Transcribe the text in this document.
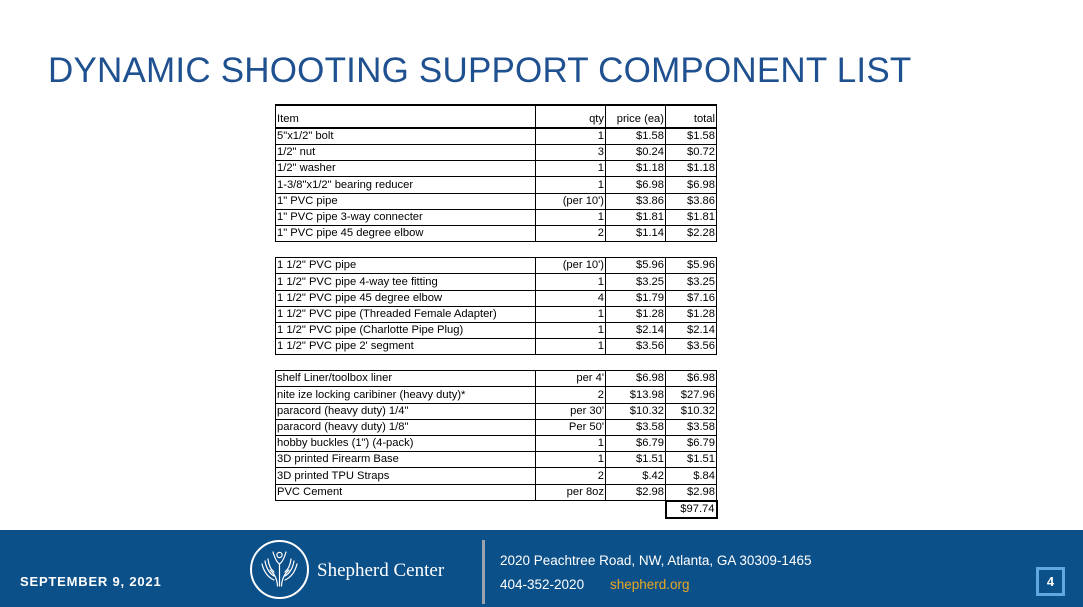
DYNAMIC SHOOTING SUPPORT COMPONENT LIST
Item	qty	price (ea)	total
5"x1/2" bolt	1	$1.58	$1.58
1/2" nut	3	$0.24	$0.72
1/2" washer	1	$1.18	$1.18
1-3/8"x1/2" bearing reducer	1	$6.98	$6.98
1" PVC pipe	(per 10')	$3.86	$3.86
1" PVC pipe 3-way connecter	1	$1.81	$1.81
1" PVC pipe 45 degree elbow	2	$1.14	$2.28

1 1/2" PVC pipe	(per 10')	$5.96	$5.96
1 1/2" PVC pipe 4-way tee fitting	1	$3.25	$3.25
1 1/2" PVC pipe 45 degree elbow	4	$1.79	$7.16
1 1/2" PVC pipe (Threaded Female Adapter)	1	$1.28	$1.28
1 1/2" PVC pipe (Charlotte Pipe Plug)	1	$2.14	$2.14
1 1/2" PVC pipe 2' segment	1	$3.56	$3.56

shelf Liner/toolbox liner	per 4'	$6.98	$6.98
nite ize locking caribiner (heavy duty)*	2	$13.98	$27.96
paracord (heavy duty) 1/4"	per 30'	$10.32	$10.32
paracord (heavy duty) 1/8"	Per 50'	$3.58	$3.58
hobby buckles (1") (4-pack)	1	$6.79	$6.79
3D printed Firearm Base	1	$1.51	$1.51
3D printed TPU Straps	2	$.42	$.84
PVC Cement	per 8oz	$2.98	$2.98
			$97.74
SEPTEMBER 9, 2021
Shepherd Center	2020 Peachtree Road, NW, Atlanta, GA 30309-1465
404-352-2020 shepherd.org	4
